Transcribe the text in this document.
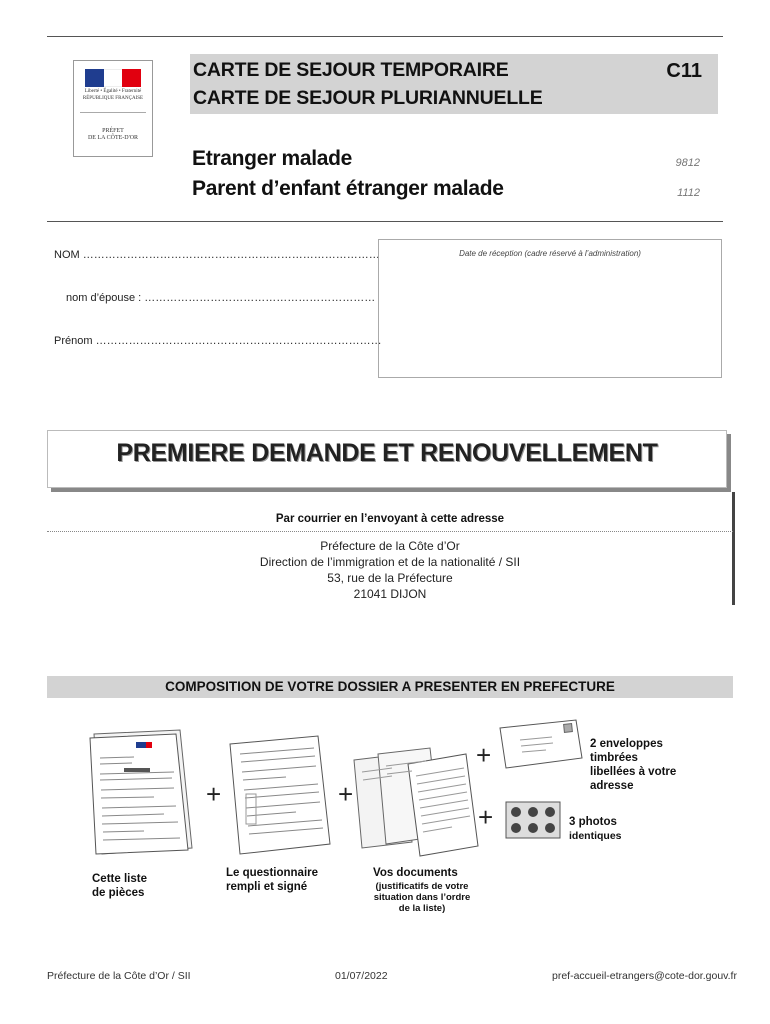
Liberté • Égalité • Fraternité
RÉPUBLIQUE FRANÇAISE
PRÉFET
DE LA CÔTE-D'OR
CARTE DE SEJOUR TEMPORAIRE
CARTE DE SEJOUR PLURIANNUELLE
C11
Etranger malade	9812
Parent d’enfant étranger malade	1112
NOM ………………………………………………………………………
nom d’épouse : ………………………………………………………
Prénom ……………………………………………………………………
Date de réception (cadre réservé à l’administration)
PREMIERE DEMANDE ET RENOUVELLEMENT
Par courrier en l’envoyant à cette adresse
Préfecture de la Côte d’Or
Direction de l’immigration et de la nationalité / SII
53, rue de la Préfecture
21041 DIJON
COMPOSITION DE VOTRE DOSSIER A PRESENTER EN PREFECTURE
Cette liste
de pièces
+
Le questionnaire
rempli et signé
+
Vos documents
(justificatifs de votre
situation dans l’ordre
de la liste)
+
+
2 enveloppes
timbrées
libellées à votre
adresse
3 photos
identiques
Préfecture de la Côte d’Or / SII	01/07/2022	pref-accueil-etrangers@cote-dor.gouv.fr
